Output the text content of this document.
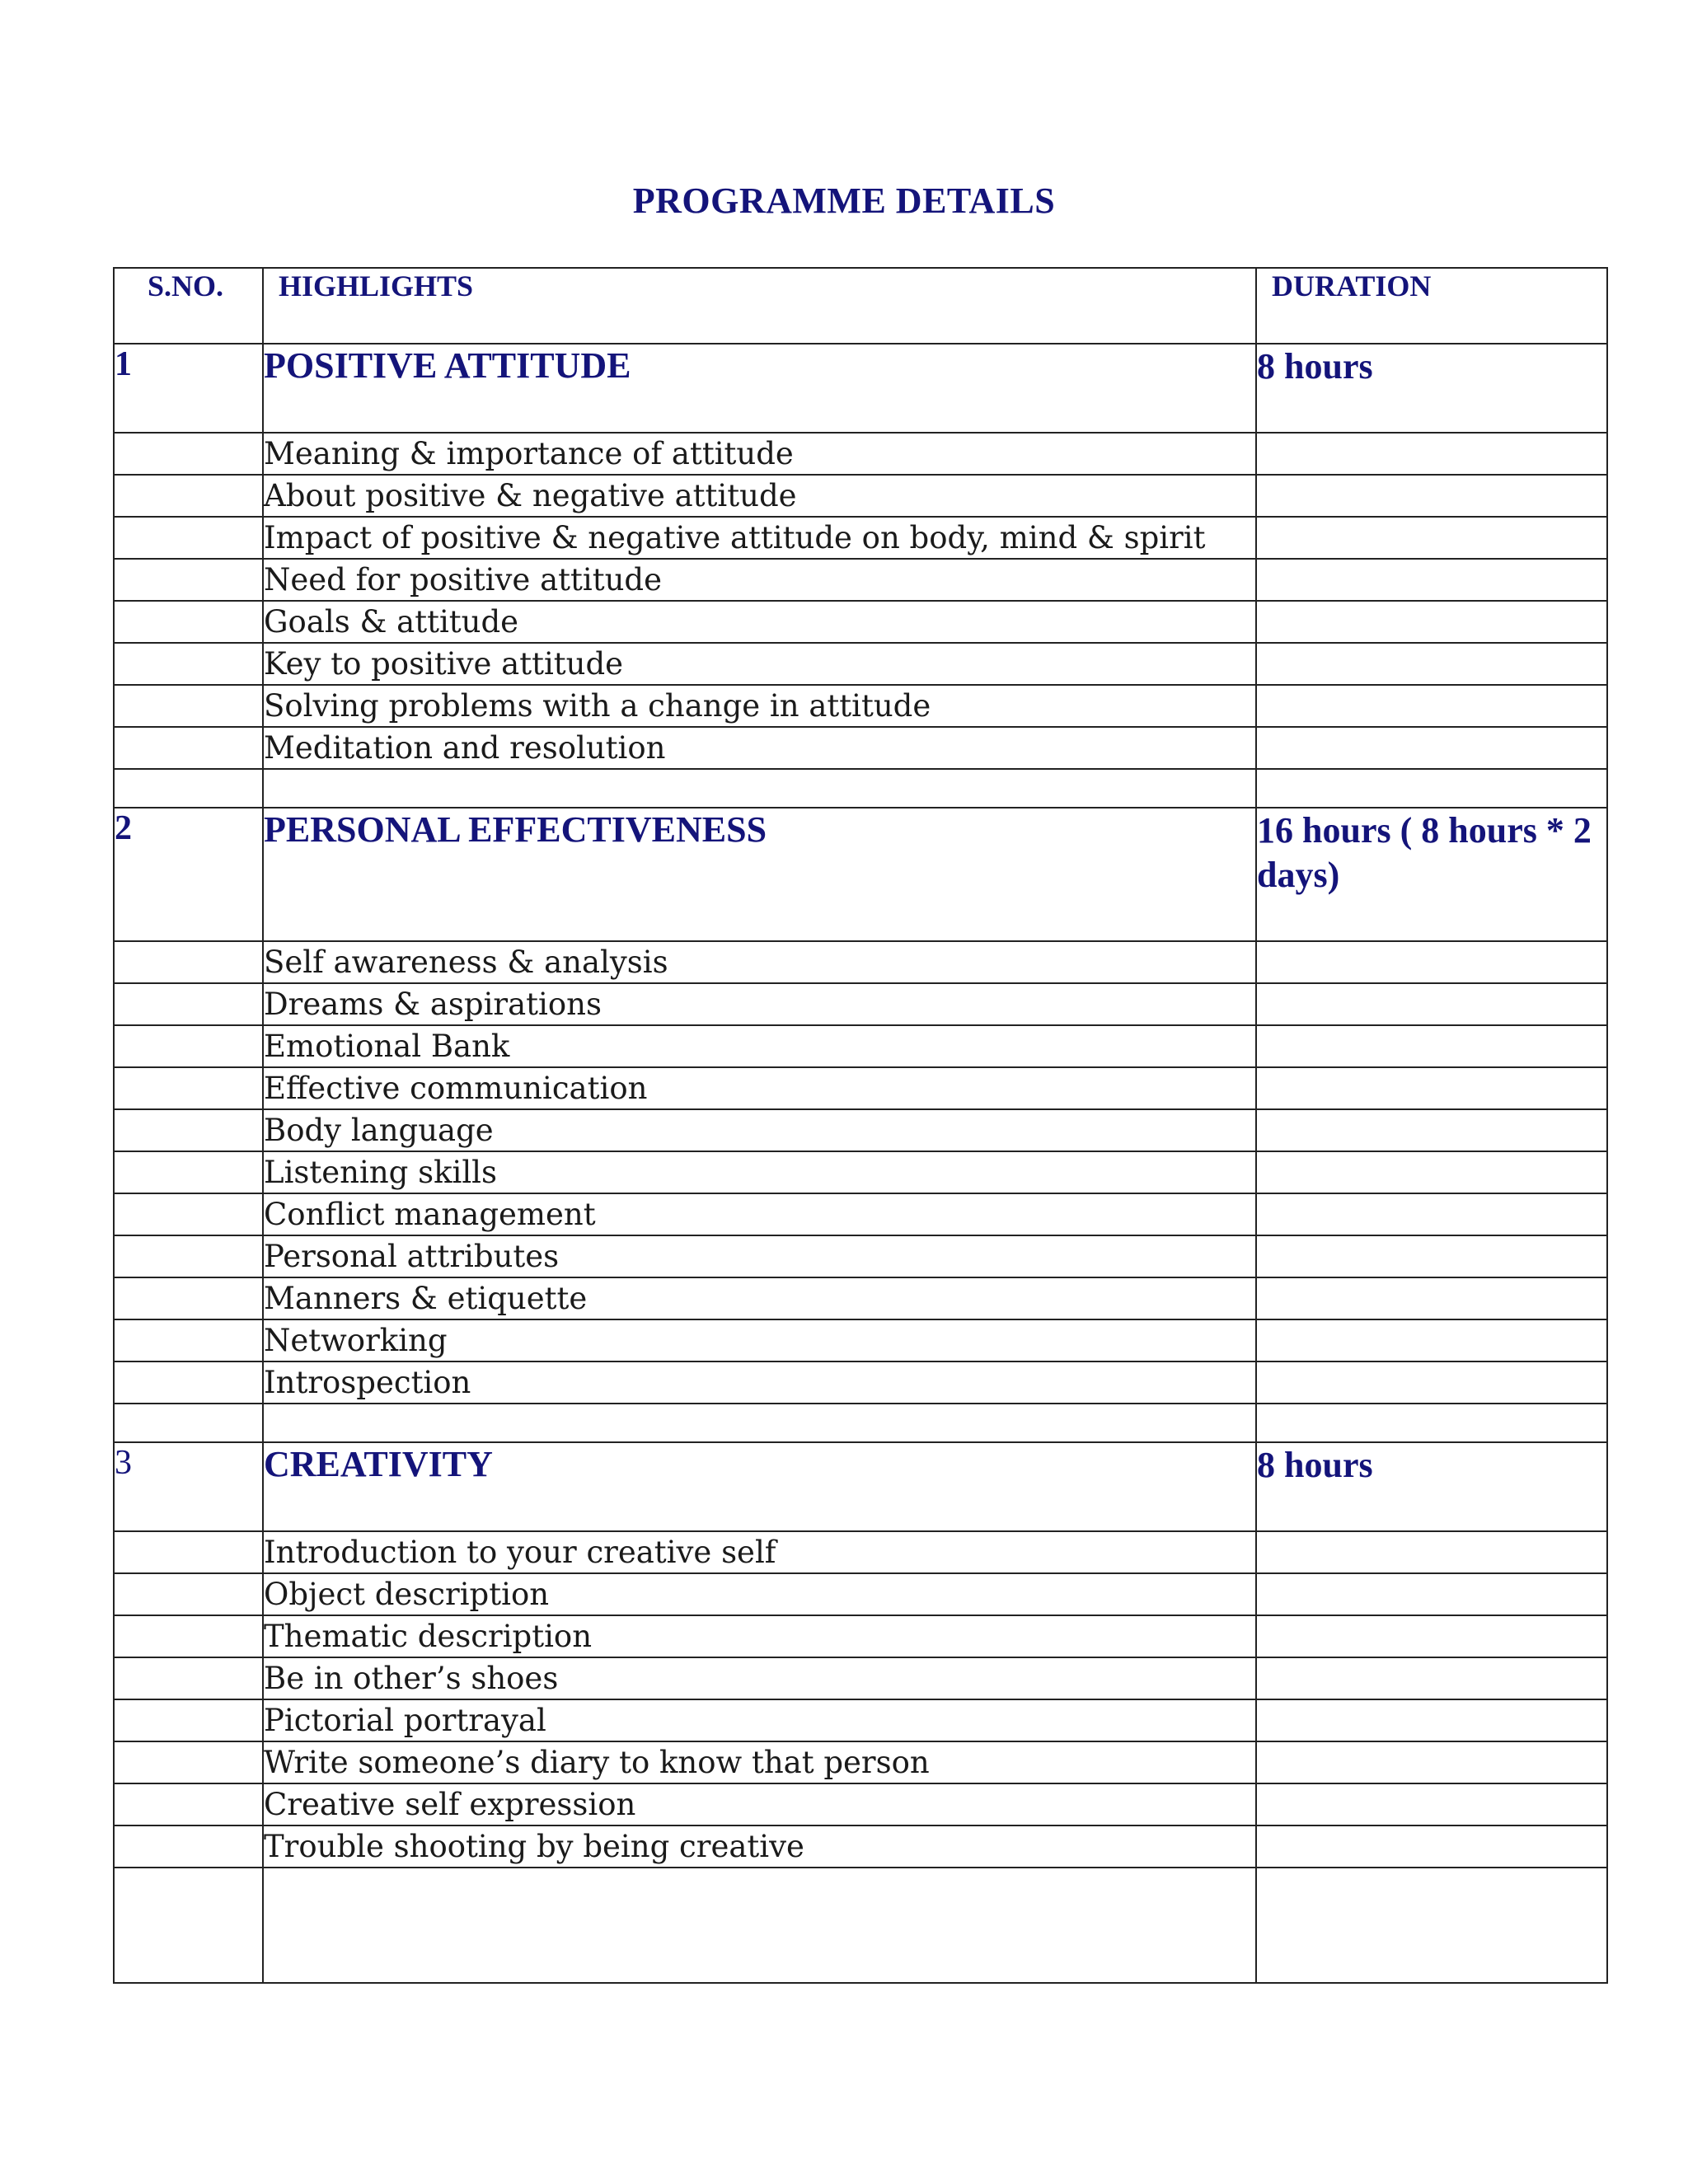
PROGRAMME DETAILS
S.NO.	HIGHLIGHTS	DURATION
1	POSITIVE ATTITUDE	8 hours
	Meaning & importance of attitude	
	About positive & negative attitude	
	Impact of positive & negative attitude on body, mind & spirit	
	Need for positive attitude	
	Goals & attitude	
	Key to positive attitude	
	Solving problems with a change in attitude	
	Meditation and resolution	

2	PERSONAL EFFECTIVENESS	16 hours ( 8 hours * 2 days)
	Self awareness & analysis	
	Dreams & aspirations	
	Emotional Bank	
	Effective communication	
	Body language	
	Listening skills	
	Conflict management	
	Personal attributes	
	Manners & etiquette	
	Networking	
	Introspection	

3	CREATIVITY	8 hours
	Introduction to your creative self	
	Object description	
	Thematic description	
	Be in other’s shoes	
	Pictorial portrayal	
	Write someone’s diary to know that person	
	Creative self expression	
	Trouble shooting by being creative	
